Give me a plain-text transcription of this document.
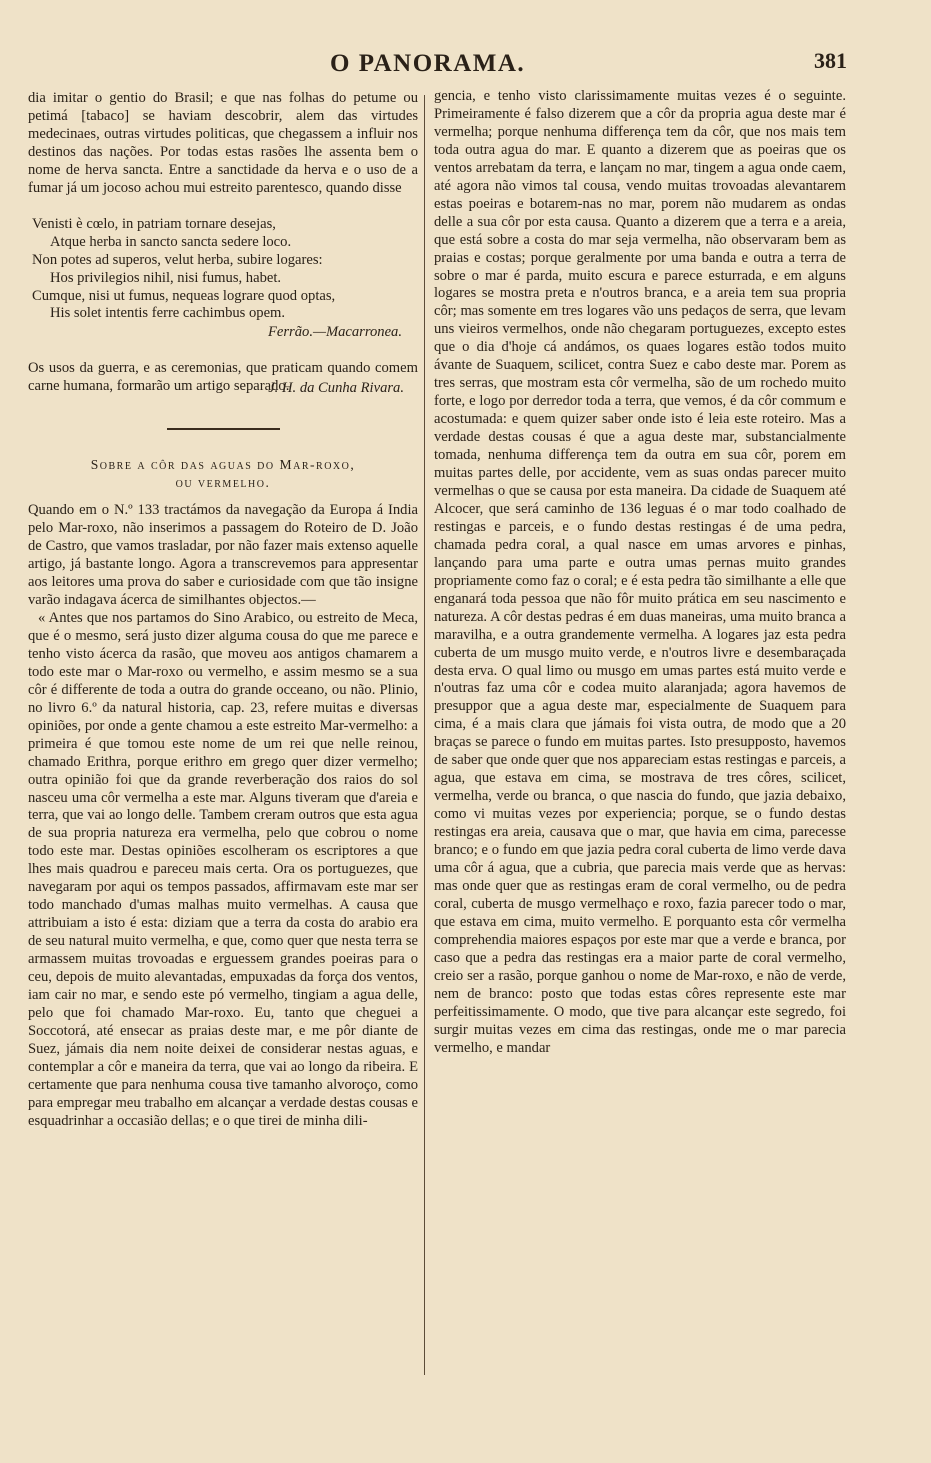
O PANORAMA.	381

dia imitar o gentio do Brasil; e que nas folhas do petume ou petimá [tabaco] se haviam descobrir, alem das virtudes medecinaes, outras virtudes politicas, que chegassem a influir nos destinos das nações. Por todas estas rasões lhe assenta bem o nome de herva sancta. Entre a sanctidade da herva e o uso de a fumar já um jocoso achou mui estreito parentesco, quando disse

Venisti è cœlo, in patriam tornare desejas,
Atque herba in sancto sancta sedere loco.
Non potes ad superos, velut herba, subire logares:
Hos privilegios nihil, nisi fumus, habet.
Cumque, nisi ut fumus, nequeas lograre quod optas,
His solet intentis ferre cachimbus opem.
Ferrão.—Macarronea.

Os usos da guerra, e as ceremonias, que praticam quando comem carne humana, formarão um artigo separado.

J. H. da Cunha Rivara.
Sobre a côr das aguas do Mar-roxo,
ou vermelho.

Quando em o N.º 133 tractámos da navegação da Europa á India pelo Mar-roxo, não inserimos a passagem do Roteiro de D. João de Castro, que vamos trasladar, por não fazer mais extenso aquelle artigo, já bastante longo. Agora a transcrevemos para appresentar aos leitores uma prova do saber e curiosidade com que tão insigne varão indagava ácerca de similhantes objectos.—

« Antes que nos partamos do Sino Arabico, ou estreito de Meca, que é o mesmo, será justo dizer alguma cousa do que me parece e tenho visto ácerca da rasão, que moveu aos antigos chamarem a todo este mar o Mar-roxo ou vermelho, e assim mesmo se a sua côr é differente de toda a outra do grande occeano, ou não. Plinio, no livro 6.º da natural historia, cap. 23, refere muitas e diversas opiniões, por onde a gente chamou a este estreito Mar-vermelho: a primeira é que tomou este nome de um rei que nelle reinou, chamado Erithra, porque erithro em grego quer dizer vermelho; outra opinião foi que da grande reverberação dos raios do sol nasceu uma côr vermelha a este mar. Alguns tiveram que d'areia e terra, que vai ao longo delle. Tambem creram outros que esta agua de sua propria natureza era vermelha, pelo que cobrou o nome todo este mar. Destas opiniões escolheram os escriptores a que lhes mais quadrou e pareceu mais certa. Ora os portuguezes, que navegaram por aqui os tempos passados, affirmavam este mar ser todo manchado d'umas malhas muito vermelhas. A causa que attribuiam a isto é esta: diziam que a terra da costa do arabio era de seu natural muito vermelha, e que, como quer que nesta terra se armassem muitas trovoadas e erguessem grandes poeiras para o ceu, depois de muito alevantadas, empuxadas da força dos ventos, iam cair no mar, e sendo este pó vermelho, tingiam a agua delle, pelo que foi chamado Mar-roxo. Eu, tanto que cheguei a Soccotorá, até ensecar as praias deste mar, e me pôr diante de Suez, jámais dia nem noite deixei de considerar nestas aguas, e contemplar a côr e maneira da terra, que vai ao longo da ribeira. E certamente que para nenhuma cousa tive tamanho alvoroço, como para empregar meu trabalho em alcançar a verdade destas cousas e esquadrinhar a occasião dellas; e o que tirei de minha dili-

gencia, e tenho visto clarissimamente muitas vezes é o seguinte. Primeiramente é falso dizerem que a côr da propria agua deste mar é vermelha; porque nenhuma differença tem da côr, que nos mais tem toda outra agua do mar. E quanto a dizerem que as poeiras que os ventos arrebatam da terra, e lançam no mar, tingem a agua onde caem, até agora não vimos tal cousa, vendo muitas trovoadas alevantarem estas poeiras e botarem-nas no mar, porem não mudarem as ondas delle a sua côr por esta causa. Quanto a dizerem que a terra e a areia, que está sobre a costa do mar seja vermelha, não observaram bem as praias e costas; porque geralmente por uma banda e outra a terra de sobre o mar é parda, muito escura e parece esturrada, e em alguns logares se mostra preta e n'outros branca, e a areia tem sua propria côr; mas somente em tres logares vão uns pedaços de serra, que levam uns vieiros vermelhos, onde não chegaram portuguezes, excepto estes que o dia d'hoje cá andámos, os quaes logares estão todos muito ávante de Suaquem, scilicet, contra Suez e cabo deste mar. Porem as tres serras, que mostram esta côr vermelha, são de um rochedo muito forte, e logo por derredor toda a terra, que vemos, é da côr commum e acostumada: e quem quizer saber onde isto é leia este roteiro. Mas a verdade destas cousas é que a agua deste mar, substancialmente tomada, nenhuma differença tem da outra em sua côr, porem em muitas partes delle, por accidente, vem as suas ondas parecer muito vermelhas o que se causa por esta maneira. Da cidade de Suaquem até Alcocer, que será caminho de 136 leguas é o mar todo coalhado de restingas e parceis, e o fundo destas restingas é de uma pedra, chamada pedra coral, a qual nasce em umas arvores e pinhas, lançando para uma parte e outra umas pernas muito grandes propriamente como faz o coral; e é esta pedra tão similhante a elle que enganará toda pessoa que não fôr muito prática em seu nascimento e natureza. A côr destas pedras é em duas maneiras, uma muito branca a maravilha, e a outra grandemente vermelha. A logares jaz esta pedra cuberta de um musgo muito verde, e n'outros livre e desembaraçada desta erva. O qual limo ou musgo em umas partes está muito verde e n'outras faz uma côr e codea muito alaranjada; agora havemos de presuppor que a agua deste mar, especialmente de Suaquem para cima, é a mais clara que jámais foi vista outra, de modo que a 20 braças se parece o fundo em muitas partes. Isto presupposto, havemos de saber que onde quer que nos appareciam estas restingas e parceis, a agua, que estava em cima, se mostrava de tres côres, scilicet, vermelha, verde ou branca, o que nascia do fundo, que jazia debaixo, como vi muitas vezes por experiencia; porque, se o fundo destas restingas era areia, causava que o mar, que havia em cima, parecesse branco; e o fundo em que jazia pedra coral cuberta de limo verde dava uma côr á agua, que a cubria, que parecia mais verde que as hervas: mas onde quer que as restingas eram de coral vermelho, ou de pedra coral, cuberta de musgo vermelhaço e roxo, fazia parecer todo o mar, que estava em cima, muito vermelho. E porquanto esta côr vermelha comprehendia maiores espaços por este mar que a verde e branca, por caso que a pedra das restingas era a maior parte de coral vermelho, creio ser a rasão, porque ganhou o nome de Mar-roxo, e não de verde, nem de branco: posto que todas estas côres represente este mar perfeitissimamente. O modo, que tive para alcançar este segredo, foi surgir muitas vezes em cima das restingas, onde me o mar parecia vermelho, e mandar
